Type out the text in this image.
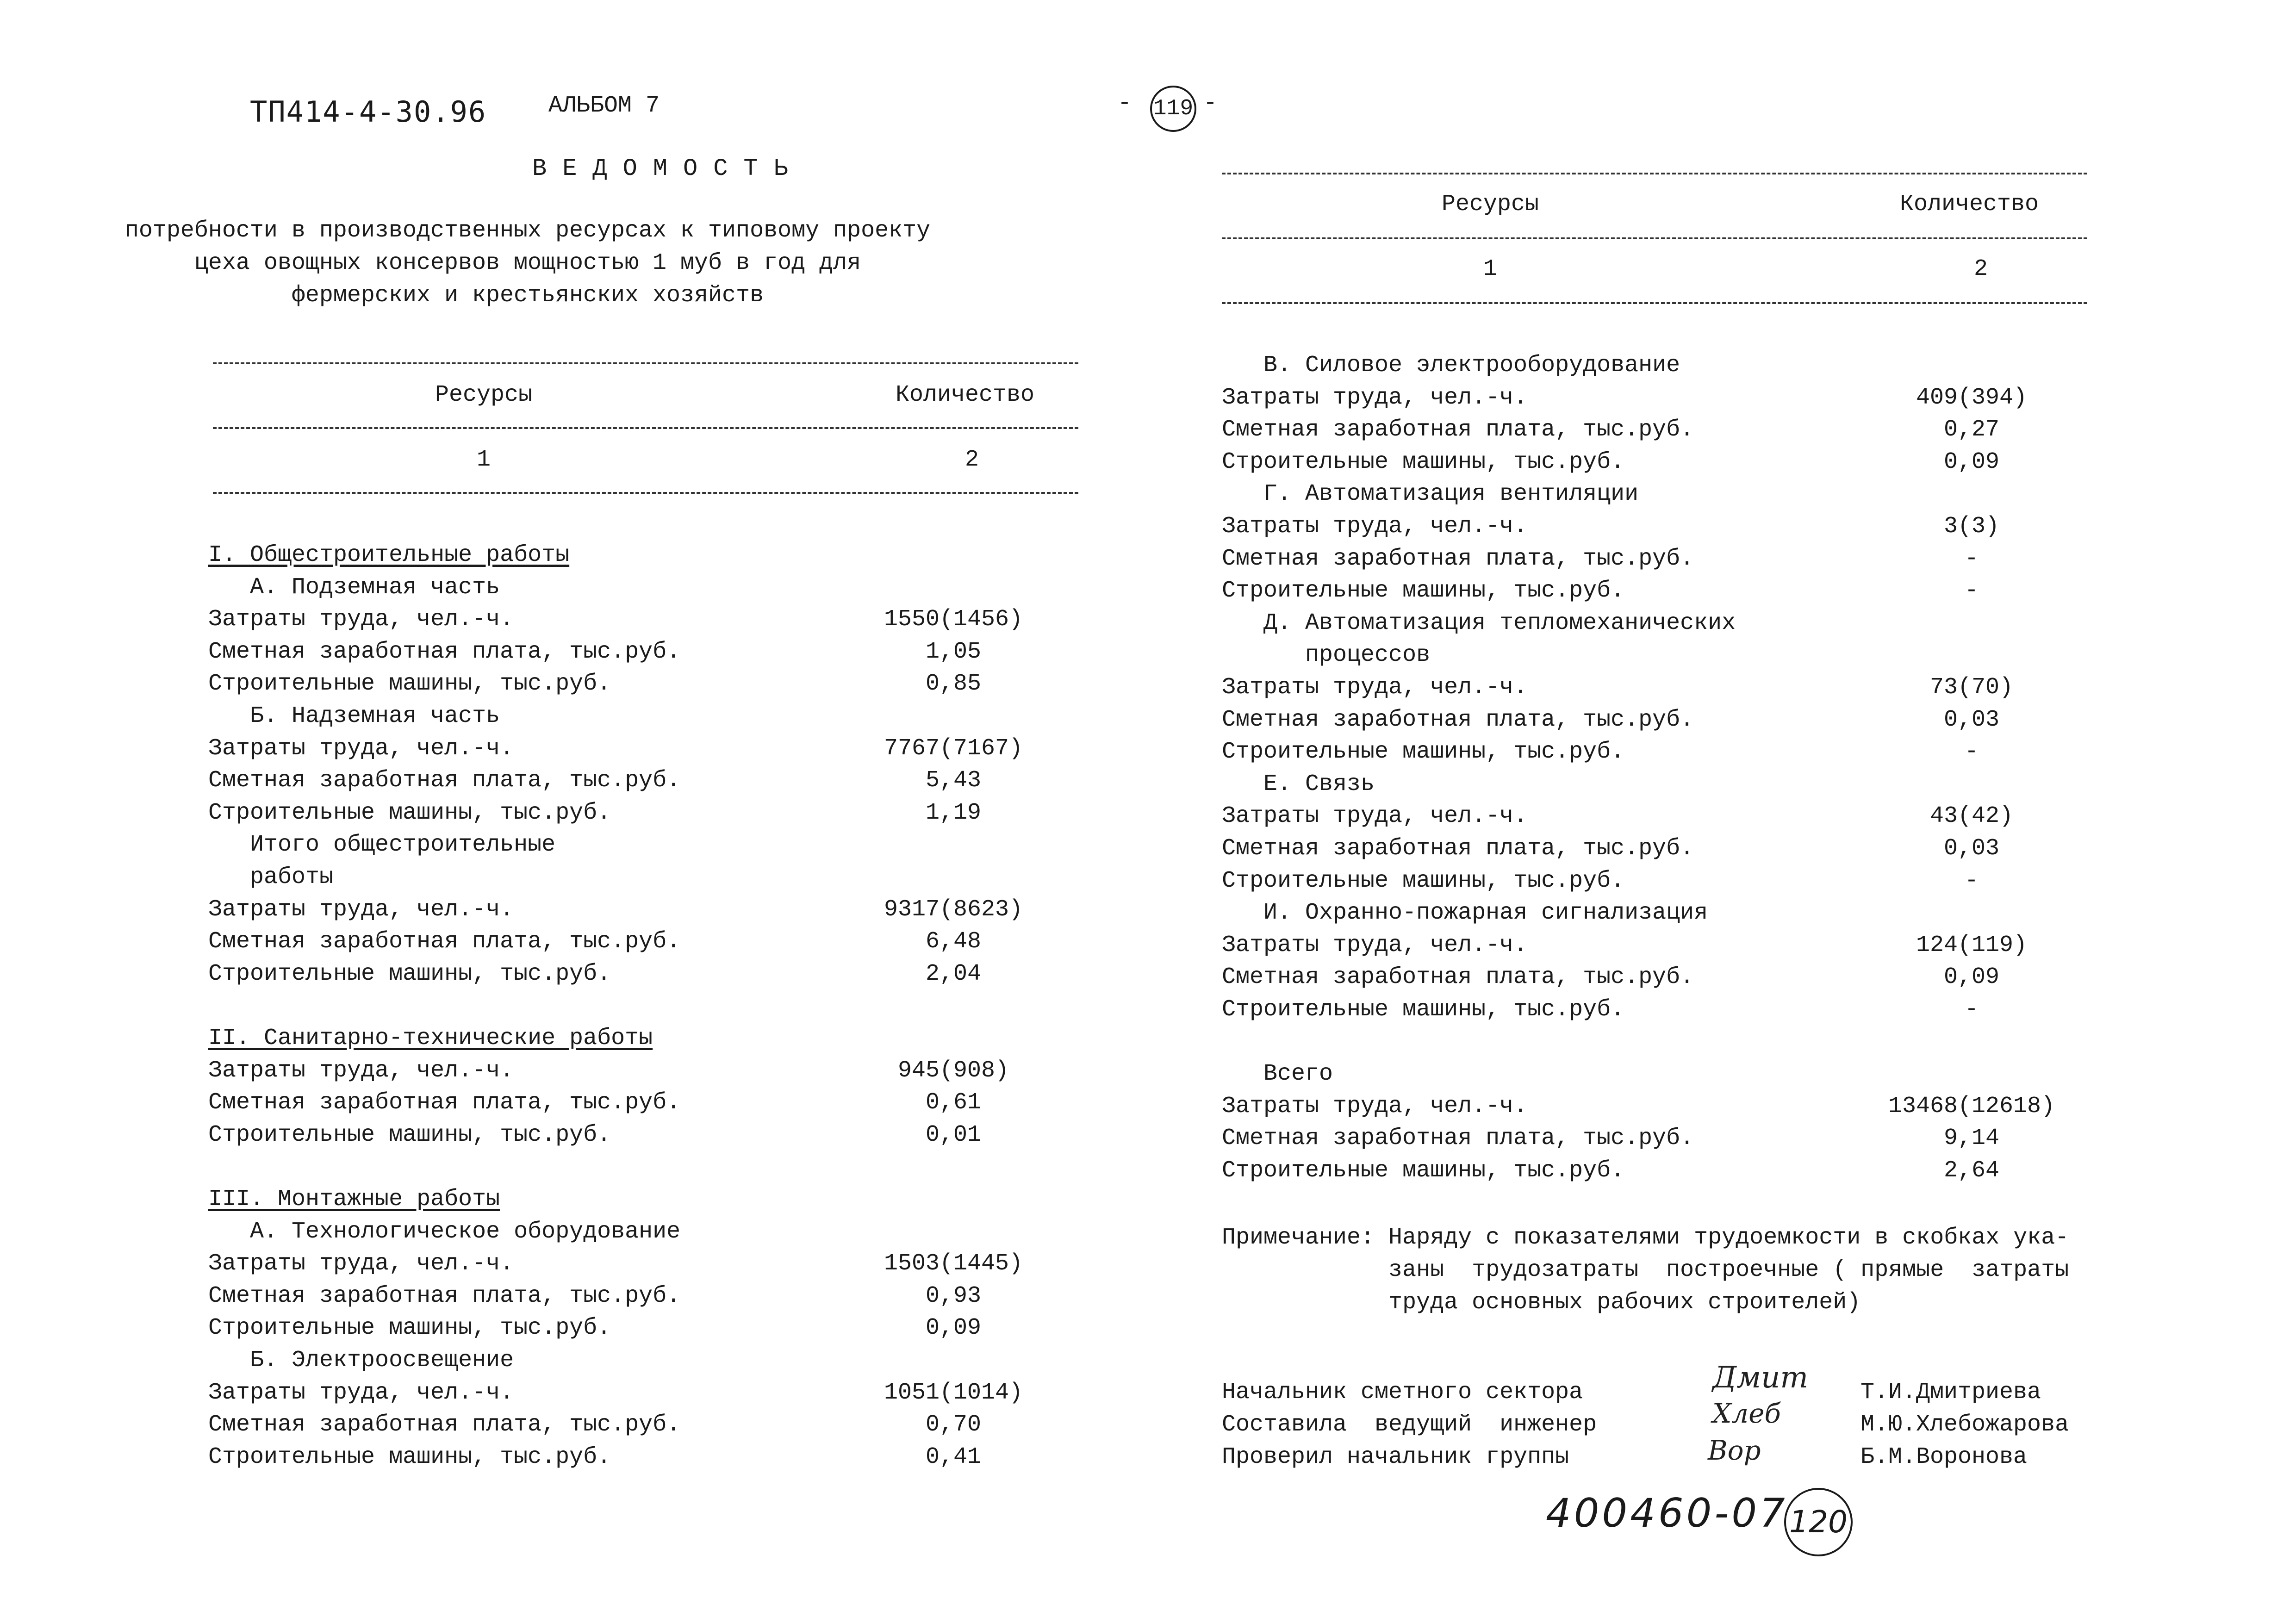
ТП414-4-30.96	АЛЬБОМ 7	- 119 -
ВЕДОМОСТЬ
потребности в производственных ресурсах к типовому проекту
цеха овощных консервов мощностью 1 муб в год для
фермерских и крестьянских хозяйств
Ресурсы	Количество
1	2
I. Общестроительные работы
А. Подземная часть
Затраты труда, чел.-ч.	1550(1456)
Сметная заработная плата, тыс.руб.	1,05
Строительные машины, тыс.руб.	0,85
Б. Надземная часть
Затраты труда, чел.-ч.	7767(7167)
Сметная заработная плата, тыс.руб.	5,43
Строительные машины, тыс.руб.	1,19
Итого общестроительные
работы
Затраты труда, чел.-ч.	9317(8623)
Сметная заработная плата, тыс.руб.	6,48
Строительные машины, тыс.руб.	2,04
II. Санитарно-технические работы
Затраты труда, чел.-ч.	945(908)
Сметная заработная плата, тыс.руб.	0,61
Строительные машины, тыс.руб.	0,01
III. Монтажные работы
А. Технологическое оборудование
Затраты труда, чел.-ч.	1503(1445)
Сметная заработная плата, тыс.руб.	0,93
Строительные машины, тыс.руб.	0,09
Б. Электроосвещение
Затраты труда, чел.-ч.	1051(1014)
Сметная заработная плата, тыс.руб.	0,70
Строительные машины, тыс.руб.	0,41
Ресурсы	Количество
1	2
В. Силовое электрооборудование
Затраты труда, чел.-ч.	409(394)
Сметная заработная плата, тыс.руб.	0,27
Строительные машины, тыс.руб.	0,09
Г. Автоматизация вентиляции
Затраты труда, чел.-ч.	3(3)
Сметная заработная плата, тыс.руб.	-
Строительные машины, тыс.руб.	-
Д. Автоматизация тепломеханических
процессов
Затраты труда, чел.-ч.	73(70)
Сметная заработная плата, тыс.руб.	0,03
Строительные машины, тыс.руб.	-
Е. Связь
Затраты труда, чел.-ч.	43(42)
Сметная заработная плата, тыс.руб.	0,03
Строительные машины, тыс.руб.	-
И. Охранно-пожарная сигнализация
Затраты труда, чел.-ч.	124(119)
Сметная заработная плата, тыс.руб.	0,09
Строительные машины, тыс.руб.	-
Всего
Затраты труда, чел.-ч.	13468(12618)
Сметная заработная плата, тыс.руб.	9,14
Строительные машины, тыс.руб.	2,64
Примечание: Наряду с показателями трудоемкости в скобках ука-
заны  трудозатраты  построечные ( прямые  затраты
труда основных рабочих строителей)
Начальник сметного сектора	Дмит Т.И.Дмитриева
Составила  ведущий  инженер	Хлеб	М.Ю.Хлебожарова
Проверил начальник группы	Вор	Б.М.Воронова
400460-07 120
